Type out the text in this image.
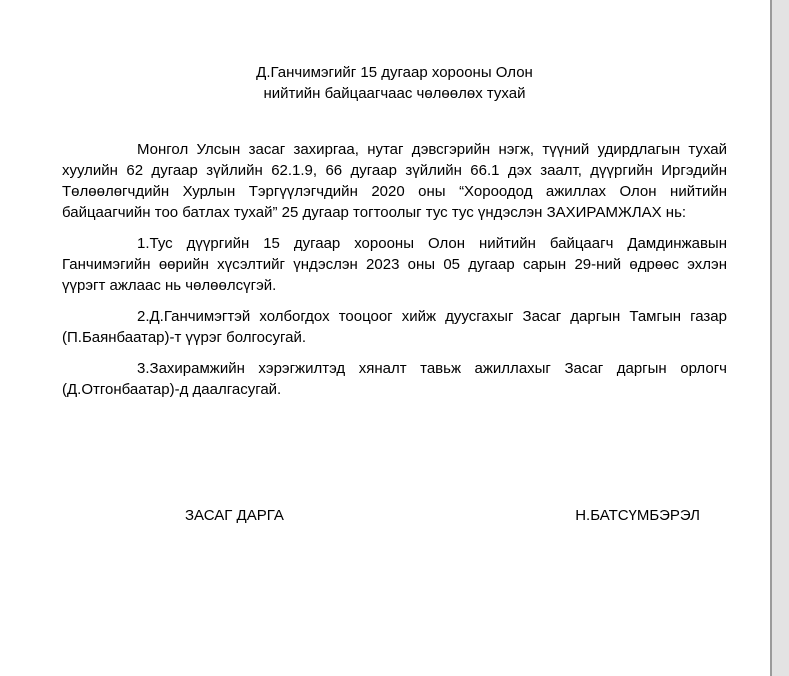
Д.Ганчимэгийг 15 дугаар хорооны Олон
нийтийн байцаагчаас чөлөөлөх тухай

Монгол Улсын засаг захиргаа, нутаг дэвсгэрийн нэгж, түүний удирдлагын тухай хуулийн 62 дугаар зүйлийн 62.1.9, 66 дугаар зүйлийн 66.1 дэх заалт, дүүргийн Иргэдийн Төлөөлөгчдийн Хурлын Тэргүүлэгчдийн 2020 оны “Хороодод ажиллах Олон нийтийн байцаагчийн тоо батлах тухай” 25 дугаар тогтоолыг тус тус үндэслэн ЗАХИРАМЖЛАХ нь:

1.Тус дүүргийн 15 дугаар хорооны Олон нийтийн байцаагч Дамдинжавын Ганчимэгийн өөрийн хүсэлтийг үндэслэн 2023 оны 05 дугаар сарын 29-ний өдрөөс эхлэн үүрэгт ажлаас нь чөлөөлсүгэй.

2.Д.Ганчимэгтэй холбогдох тооцоог хийж дуусгахыг Засаг даргын Тамгын газар (П.Баянбаатар)-т үүрэг болгосугай.

3.Захирамжийн хэрэгжилтэд хяналт тавьж ажиллахыг Засаг даргын орлогч (Д.Отгонбаатар)-д даалгасугай.

ЗАСАГ ДАРГА	Н.БАТСҮМБЭРЭЛ
